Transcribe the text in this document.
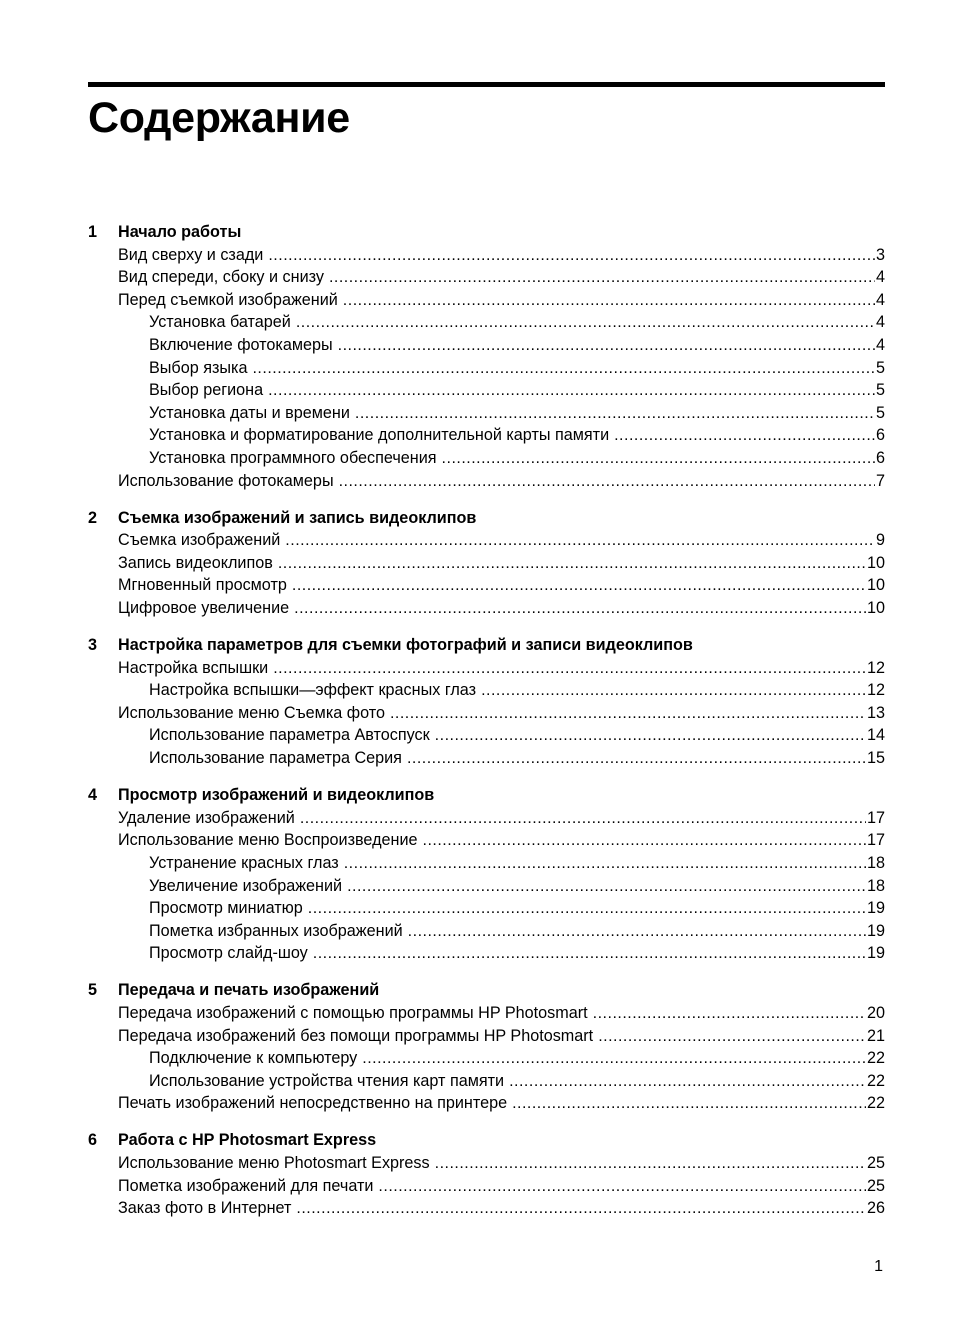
Содержание
1	Начало работы
Вид сверху и сзади .....	3
Вид спереди, сбоку и снизу .....	4
Перед съемкой изображений .....	4
Установка батарей .....	4
Включение фотокамеры .....	4
Выбор языка .....	5
Выбор региона .....	5
Установка даты и времени .....	5
Установка и форматирование дополнительной карты памяти .....	6
Установка программного обеспечения .....	6
Использование фотокамеры .....	7
2	Съемка изображений и запись видеоклипов
Съемка изображений .....	9
Запись видеоклипов .....	10
Мгновенный просмотр .....	10
Цифровое увеличение .....	10
3	Настройка параметров для съемки фотографий и записи видеоклипов
Настройка вспышки .....	12
Настройка вспышки—эффект красных глаз .....	12
Использование меню Съемка фото .....	13
Использование параметра Автоспуск .....	14
Использование параметра Серия .....	15
4	Просмотр изображений и видеоклипов
Удаление изображений .....	17
Использование меню Воспроизведение .....	17
Устранение красных глаз .....	18
Увеличение изображений .....	18
Просмотр миниатюр .....	19
Пометка избранных изображений .....	19
Просмотр слайд-шоу .....	19
5	Передача и печать изображений
Передача изображений с помощью программы HP Photosmart .....	20
Передача изображений без помощи программы HP Photosmart .....	21
Подключение к компьютеру .....	22
Использование устройства чтения карт памяти .....	22
Печать изображений непосредственно на принтере .....	22
6	Работа с HP Photosmart Express
Использование меню Photosmart Express .....	25
Пометка изображений для печати .....	25
Заказ фото в Интернет .....	26
1
